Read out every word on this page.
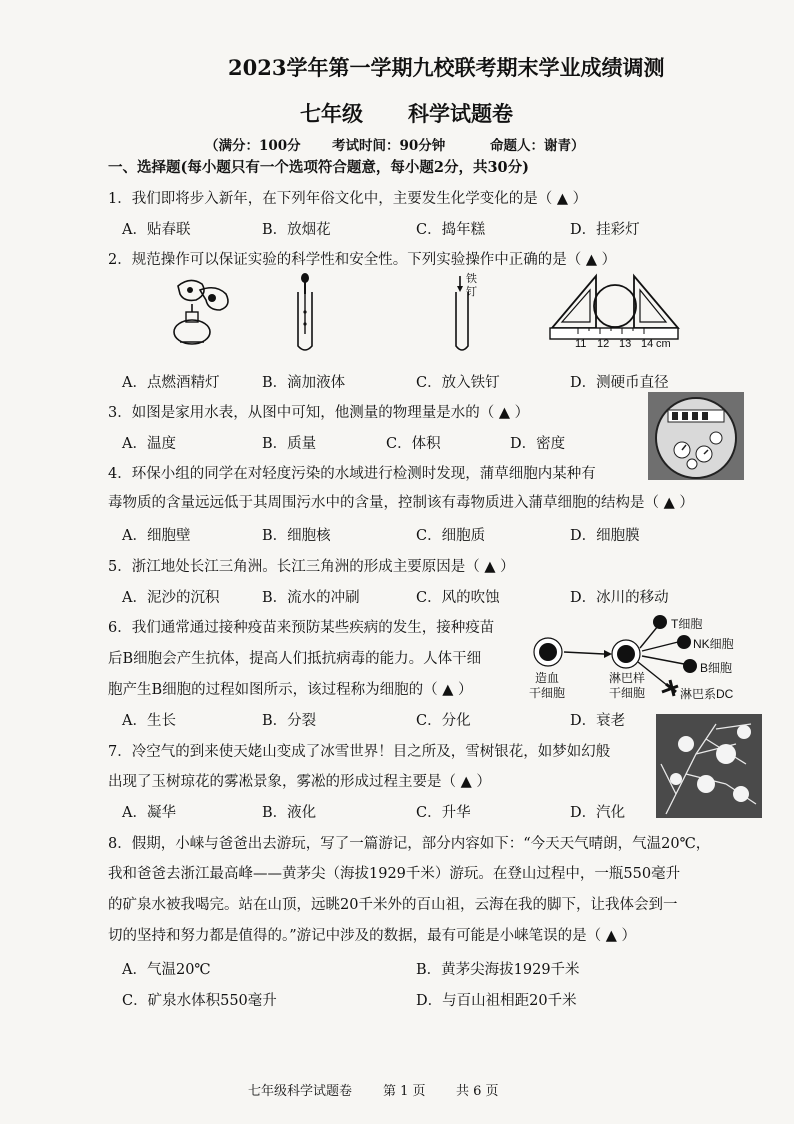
2023学年第一学期九校联考期末学业成绩调测
七年级 科学试题卷
（满分：100分 考试时间：90分钟	命题人：谢青）
一、选择题(每小题只有一个选项符合题意，每小题2分，共30分)
1．我们即将步入新年，在下列年俗文化中，主要发生化学变化的是（ ▲ ）
A．贴春联	B．放烟花	C．捣年糕	D．挂彩灯
2．规范操作可以保证实验的科学性和安全性。下列实验操作中正确的是（ ▲ ）
铁
钉
11 12 13 14 cm
A．点燃酒精灯	B．滴加液体	C．放入铁钉	D．测硬币直径
3．如图是家用水表，从图中可知，他测量的物理量是水的（ ▲ ）
A．温度	B．质量	C．体积	D．密度
4．环保小组的同学在对轻度污染的水域进行检测时发现，蒲草细胞内某种有
毒物质的含量远远低于其周围污水中的含量，控制该有毒物质进入蒲草细胞的结构是（ ▲ ）
A．细胞壁	B．细胞核	C．细胞质	D．细胞膜
5．浙江地处长江三角洲。长江三角洲的形成主要原因是（ ▲ ）
A．泥沙的沉积	B．流水的冲刷	C．风的吹蚀	D．冰川的移动
6．我们通常通过接种疫苗来预防某些疾病的发生，接种疫苗
后B细胞会产生抗体，提高人们抵抗病毒的能力。人体干细
胞产生B细胞的过程如图所示，该过程称为细胞的（ ▲ ）
T细胞
NK细胞
B细胞
淋巴系DC
造血
干细胞
淋巴样
干细胞
A．生长	B．分裂	C．分化	D．衰老
7．冷空气的到来使天姥山变成了冰雪世界！目之所及，雪树银花，如梦如幻般
出现了玉树琼花的雾凇景象，雾凇的形成过程主要是（ ▲ ）
A．凝华	B．液化	C．升华	D．汽化
8．假期，小崃与爸爸出去游玩，写了一篇游记，部分内容如下：“今天天气晴朗，气温20℃，
我和爸爸去浙江最高峰——黄茅尖（海拔1929千米）游玩。在登山过程中，一瓶550毫升
的矿泉水被我喝完。站在山顶，远眺20千米外的百山祖，云海在我的脚下，让我体会到一
切的坚持和努力都是值得的。”游记中涉及的数据，最有可能是小崃笔误的是（ ▲ ）
A．气温20℃	B．黄茅尖海拔1929千米
C．矿泉水体积550毫升	D．与百山祖相距20千米
七年级科学试题卷 第 1 页 共 6 页
